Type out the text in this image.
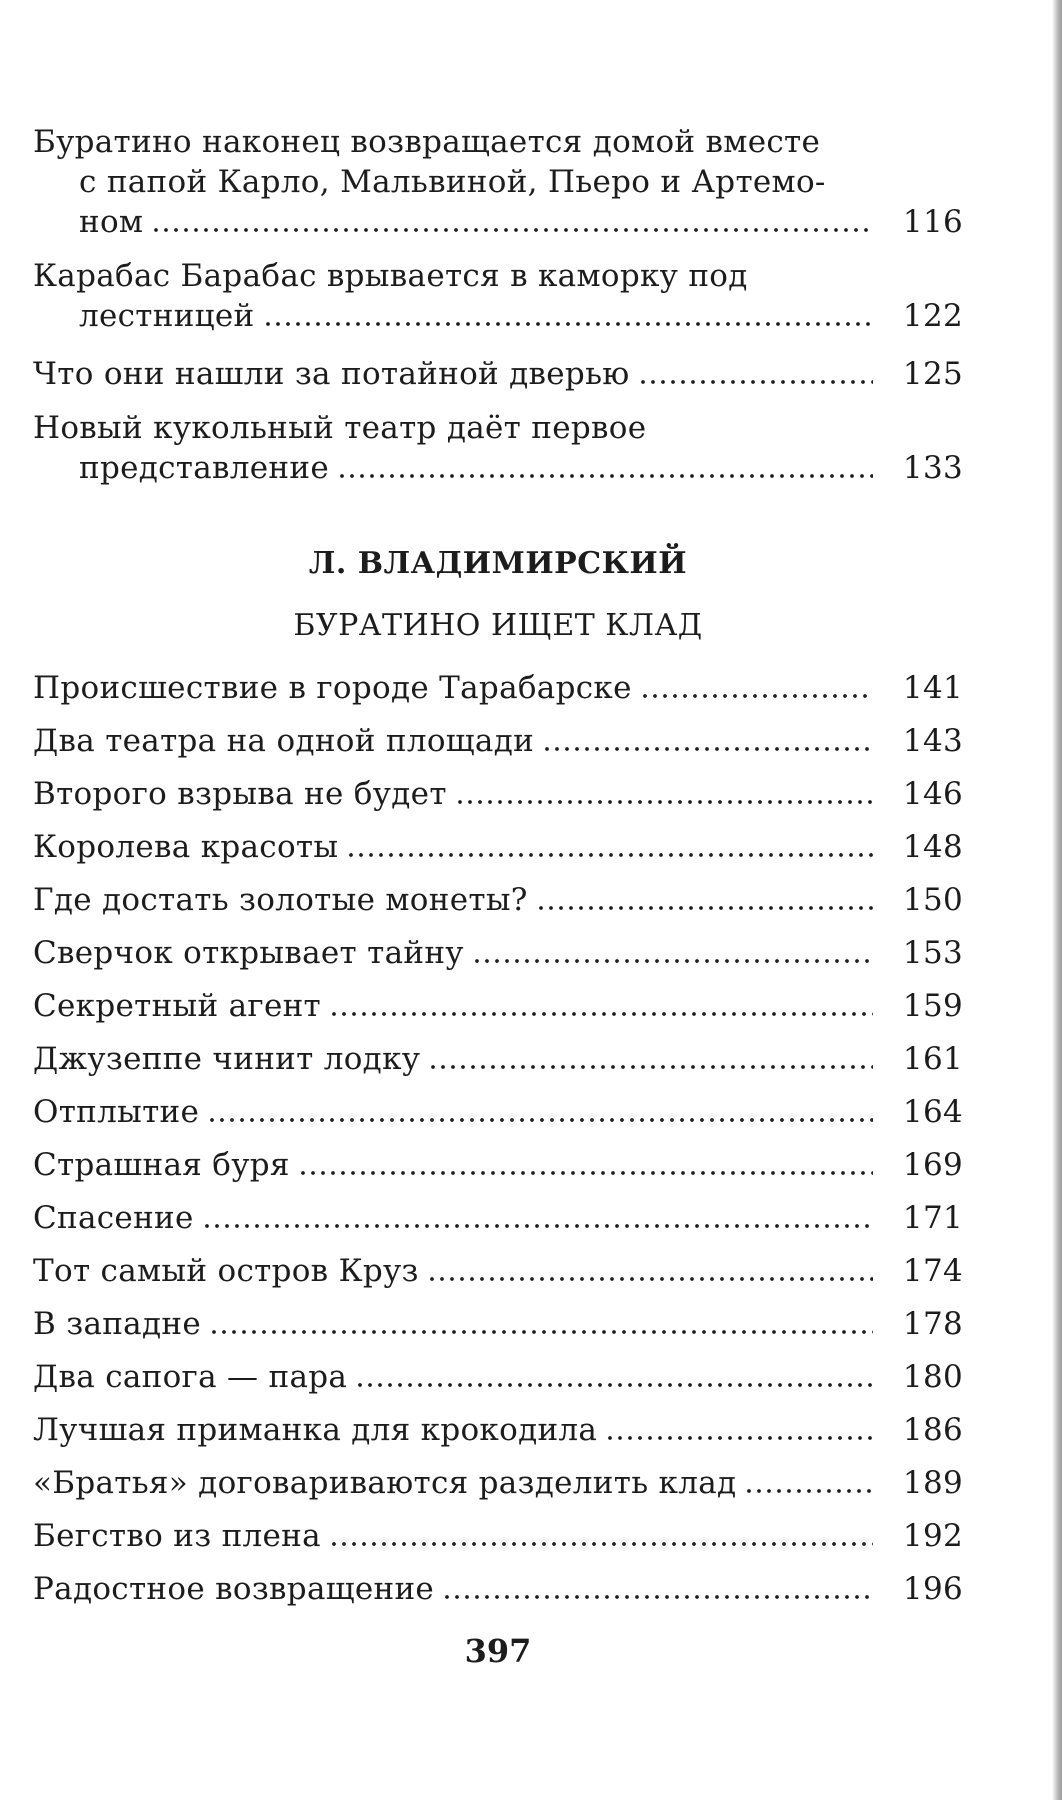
Буратино наконец возвращается домой вместе
с папой Карло, Мальвиной, Пьеро и Артемо-
ном	116
Карабас Барабас врывается в каморку под
лестницей	122
Что они нашли за потайной дверью	125
Новый кукольный театр даёт первое
представление	133
Л. ВЛАДИМИРСКИЙ
БУРАТИНО ИЩЕТ КЛАД
Происшествие в городе Тарабарске	141
Два театра на одной площади	143
Второго взрыва не будет	146
Королева красоты	148
Где достать золотые монеты?	150
Сверчок открывает тайну	153
Секретный агент	159
Джузеппе чинит лодку	161
Отплытие	164
Страшная буря	169
Спасение	171
Тот самый остров Круз	174
В западне	178
Два сапога — пара	180
Лучшая приманка для крокодила	186
«Братья» договариваются разделить клад	189
Бегство из плена	192
Радостное возвращение	196
397
